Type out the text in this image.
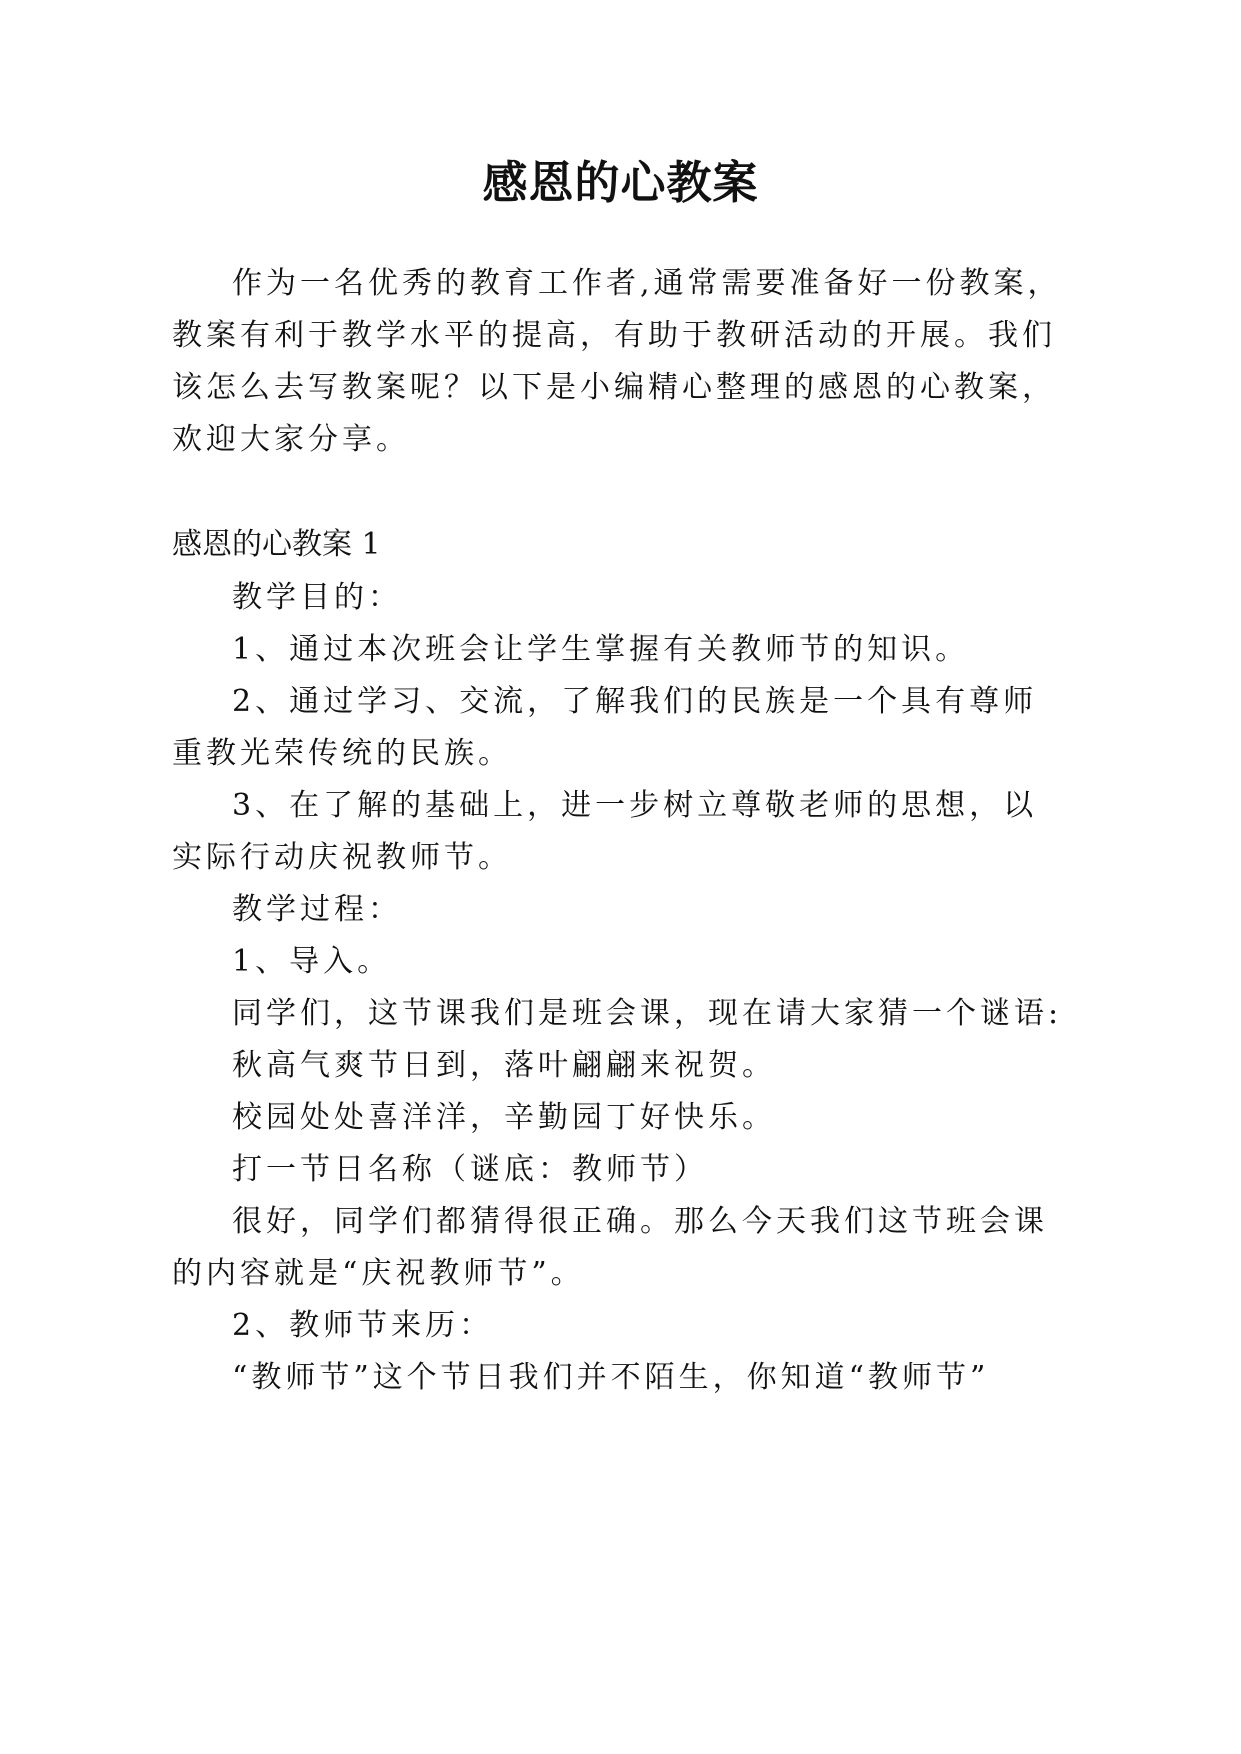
感恩的心教案

作为一名优秀的教育工作者,通常需要准备好一份教案，

教案有利于教学水平的提高，有助于教研活动的开展。我们

该怎么去写教案呢？以下是小编精心整理的感恩的心教案，

欢迎大家分享。

感恩的心教案 1

教学目的：

1、通过本次班会让学生掌握有关教师节的知识。

2、通过学习、交流，了解我们的民族是一个具有尊师

重教光荣传统的民族。

3、在了解的基础上，进一步树立尊敬老师的思想，以

实际行动庆祝教师节。

教学过程：

1、导入。

同学们，这节课我们是班会课，现在请大家猜一个谜语:

秋高气爽节日到，落叶翩翩来祝贺。

校园处处喜洋洋，辛勤园丁好快乐。

打一节日名称（谜底：教师节）

很好，同学们都猜得很正确。那么今天我们这节班会课

的内容就是“庆祝教师节”。

2、教师节来历：

“教师节”这个节日我们并不陌生，你知道“教师节”
